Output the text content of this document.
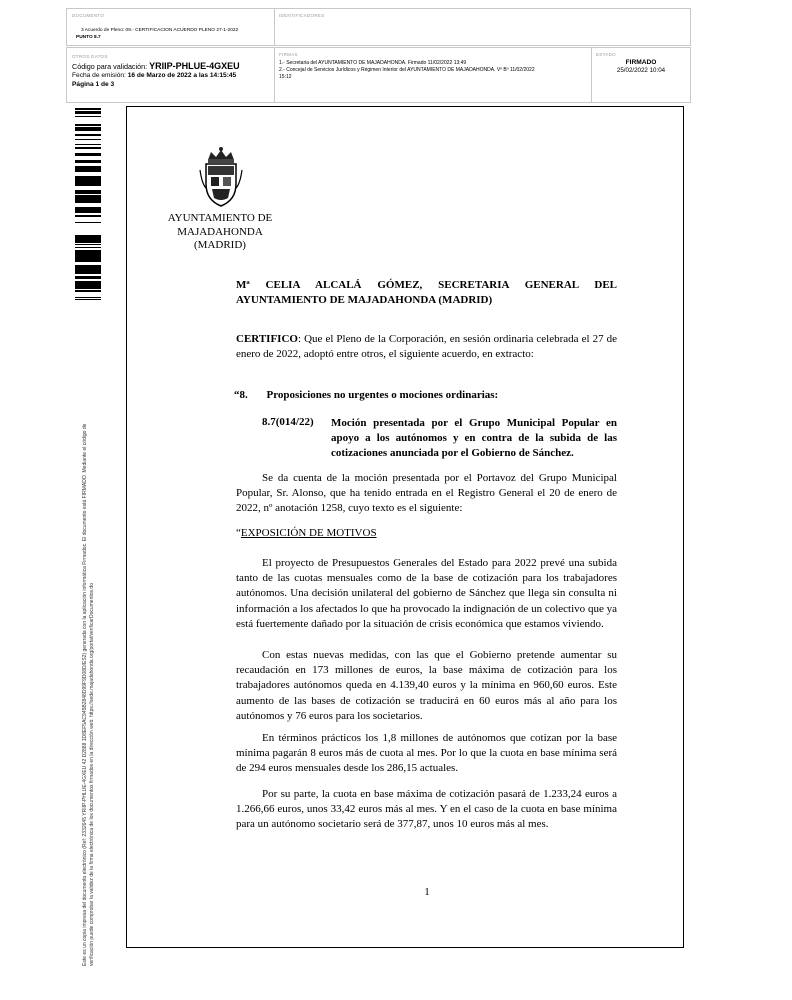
DOCUMENTO
3 Acuerdo de Pleno: 08.- CERTIFICACION ACUERDO PLENO 27-1-2022
PUNTO 8.7
IDENTIFICADORES
OTROS DATOS
Código para validación: YRIIP-PHLUE-4GXEU
Fecha de emisión: 16 de Marzo de 2022 a las 14:15:45
Página 1 de 3
FIRMAS
1.- Secretaria del AYUNTAMIENTO DE MAJADAHONDA. Firmado 11/02/2022 13:49
2.- Concejal de Servicios Jurídicos y Régimen Interior del AYUNTAMIENTO DE MAJADAHONDA. Vº Bº 11/02/2022
15:12
ESTADO
FIRMADO
25/02/2022 10:04
Este es un copia impresa del documento electrónico (Ref: 2332645 YRIIP-PHLUE-4GXEU 42 D2888 1D8EF5AC945B2848D99F9D08D/ES2) generada con la aplicación informática Firmadoc. El documento está FIRMADO. Mediante el código de verificación puede comprobar la validez de la firma electrónica de los documentos firmados en la dirección web: https://sede.majadahonda.org/portal/verificarDocumentos.do
AYUNTAMIENTO DE
MAJADAHONDA
(MADRID)
Mª CELIA ALCALÁ GÓMEZ, SECRETARIA GENERAL DEL AYUNTAMIENTO DE MAJADAHONDA (MADRID)
CERTIFICO: Que el Pleno de la Corporación, en sesión ordinaria celebrada el 27 de enero de 2022, adoptó entre otros, el siguiente acuerdo, en extracto:
“8. Proposiciones no urgentes o mociones ordinarias:
8.7(014/22) Moción presentada por el Grupo Municipal Popular en apoyo a los autónomos y en contra de la subida de las cotizaciones anunciada por el Gobierno de Sánchez.
Se da cuenta de la moción presentada por el Portavoz del Grupo Municipal Popular, Sr. Alonso, que ha tenido entrada en el Registro General el 20 de enero de 2022, nº anotación 1258, cuyo texto es el siguiente:
“EXPOSICIÓN DE MOTIVOS
El proyecto de Presupuestos Generales del Estado para 2022 prevé una subida tanto de las cuotas mensuales como de la base de cotización para los trabajadores autónomos. Una decisión unilateral del gobierno de Sánchez que llega sin consulta ni información a los afectados lo que ha provocado la indignación de un colectivo que ya está fuertemente dañado por la situación de crisis económica que estamos viviendo.
Con estas nuevas medidas, con las que el Gobierno pretende aumentar su recaudación en 173 millones de euros, la base máxima de cotización para los trabajadores autónomos queda en 4.139,40 euros y la mínima en 960,60 euros. Este aumento de las bases de cotización se traducirá en 60 euros más al año para los autónomos y 76 euros para los societarios.
En términos prácticos los 1,8 millones de autónomos que cotizan por la base mínima pagarán 8 euros más de cuota al mes. Por lo que la cuota en base mínima será de 294 euros mensuales desde los 286,15 actuales.
Por su parte, la cuota en base máxima de cotización pasará de 1.233,24 euros a 1.266,66 euros, unos 33,42 euros más al mes. Y en el caso de la cuota en base mínima para un autónomo societario será de 377,87, unos 10 euros más al mes.
1
